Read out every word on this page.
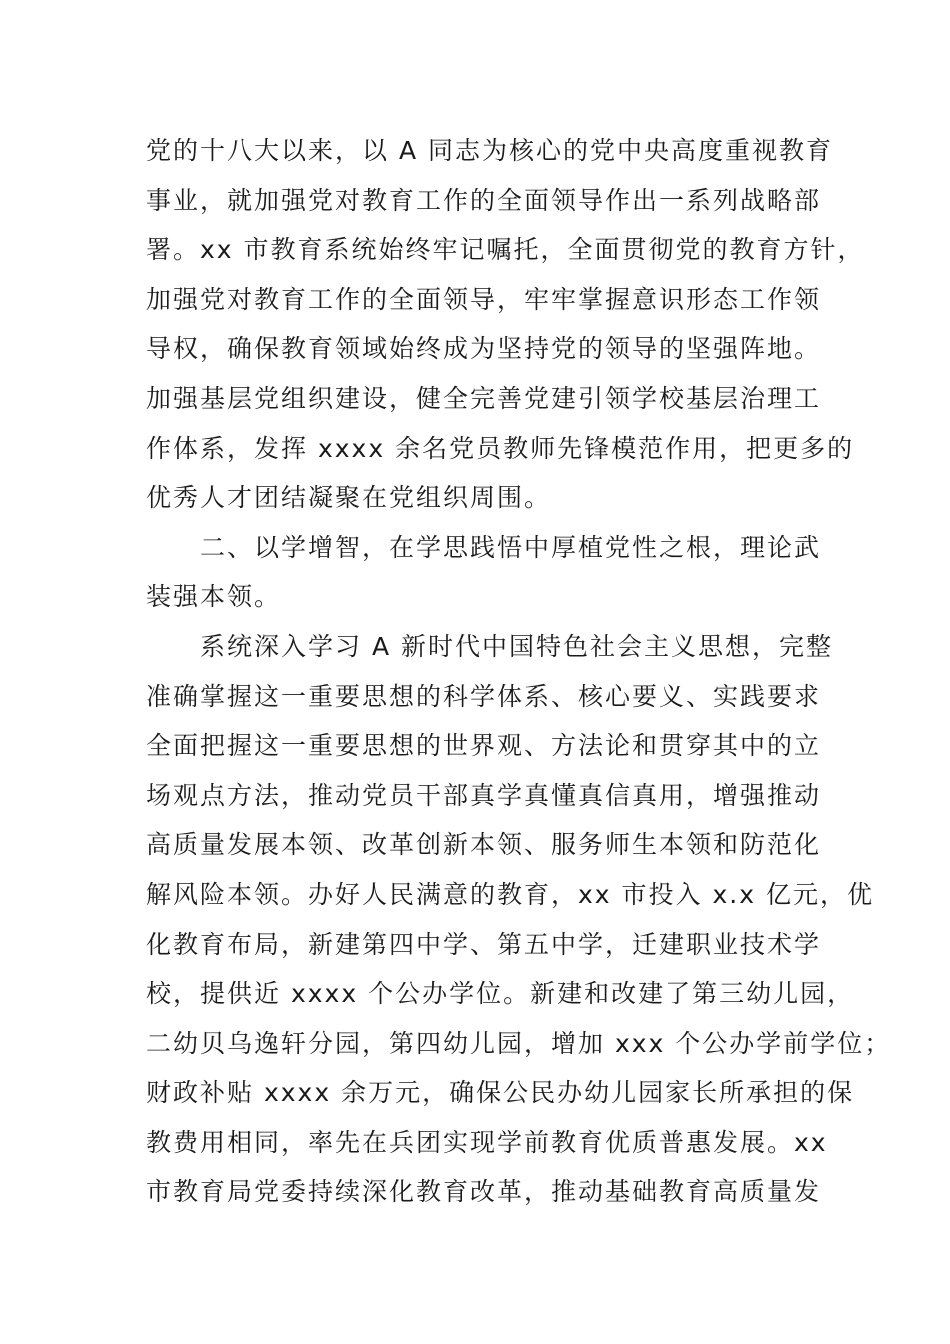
党的十八大以来，以 A 同志为核心的党中央高度重视教育
事业，就加强党对教育工作的全面领导作出一系列战略部
署。xx 市教育系统始终牢记嘱托，全面贯彻党的教育方针，
加强党对教育工作的全面领导，牢牢掌握意识形态工作领
导权，确保教育领域始终成为坚持党的领导的坚强阵地。
加强基层党组织建设，健全完善党建引领学校基层治理工
作体系，发挥 xxxx 余名党员教师先锋模范作用，把更多的
优秀人才团结凝聚在党组织周围。
二、以学增智，在学思践悟中厚植党性之根，理论武
装强本领。
系统深入学习 A 新时代中国特色社会主义思想，完整
准确掌握这一重要思想的科学体系、核心要义、实践要求
全面把握这一重要思想的世界观、方法论和贯穿其中的立
场观点方法，推动党员干部真学真懂真信真用，增强推动
高质量发展本领、改革创新本领、服务师生本领和防范化
解风险本领。办好人民满意的教育，xx 市投入 x.x 亿元，优
化教育布局，新建第四中学、第五中学，迁建职业技术学
校，提供近 xxxx 个公办学位。新建和改建了第三幼儿园，
二幼贝乌逸轩分园，第四幼儿园，增加 xxx 个公办学前学位；
财政补贴 xxxx 余万元，确保公民办幼儿园家长所承担的保
教费用相同，率先在兵团实现学前教育优质普惠发展。xx
市教育局党委持续深化教育改革，推动基础教育高质量发
